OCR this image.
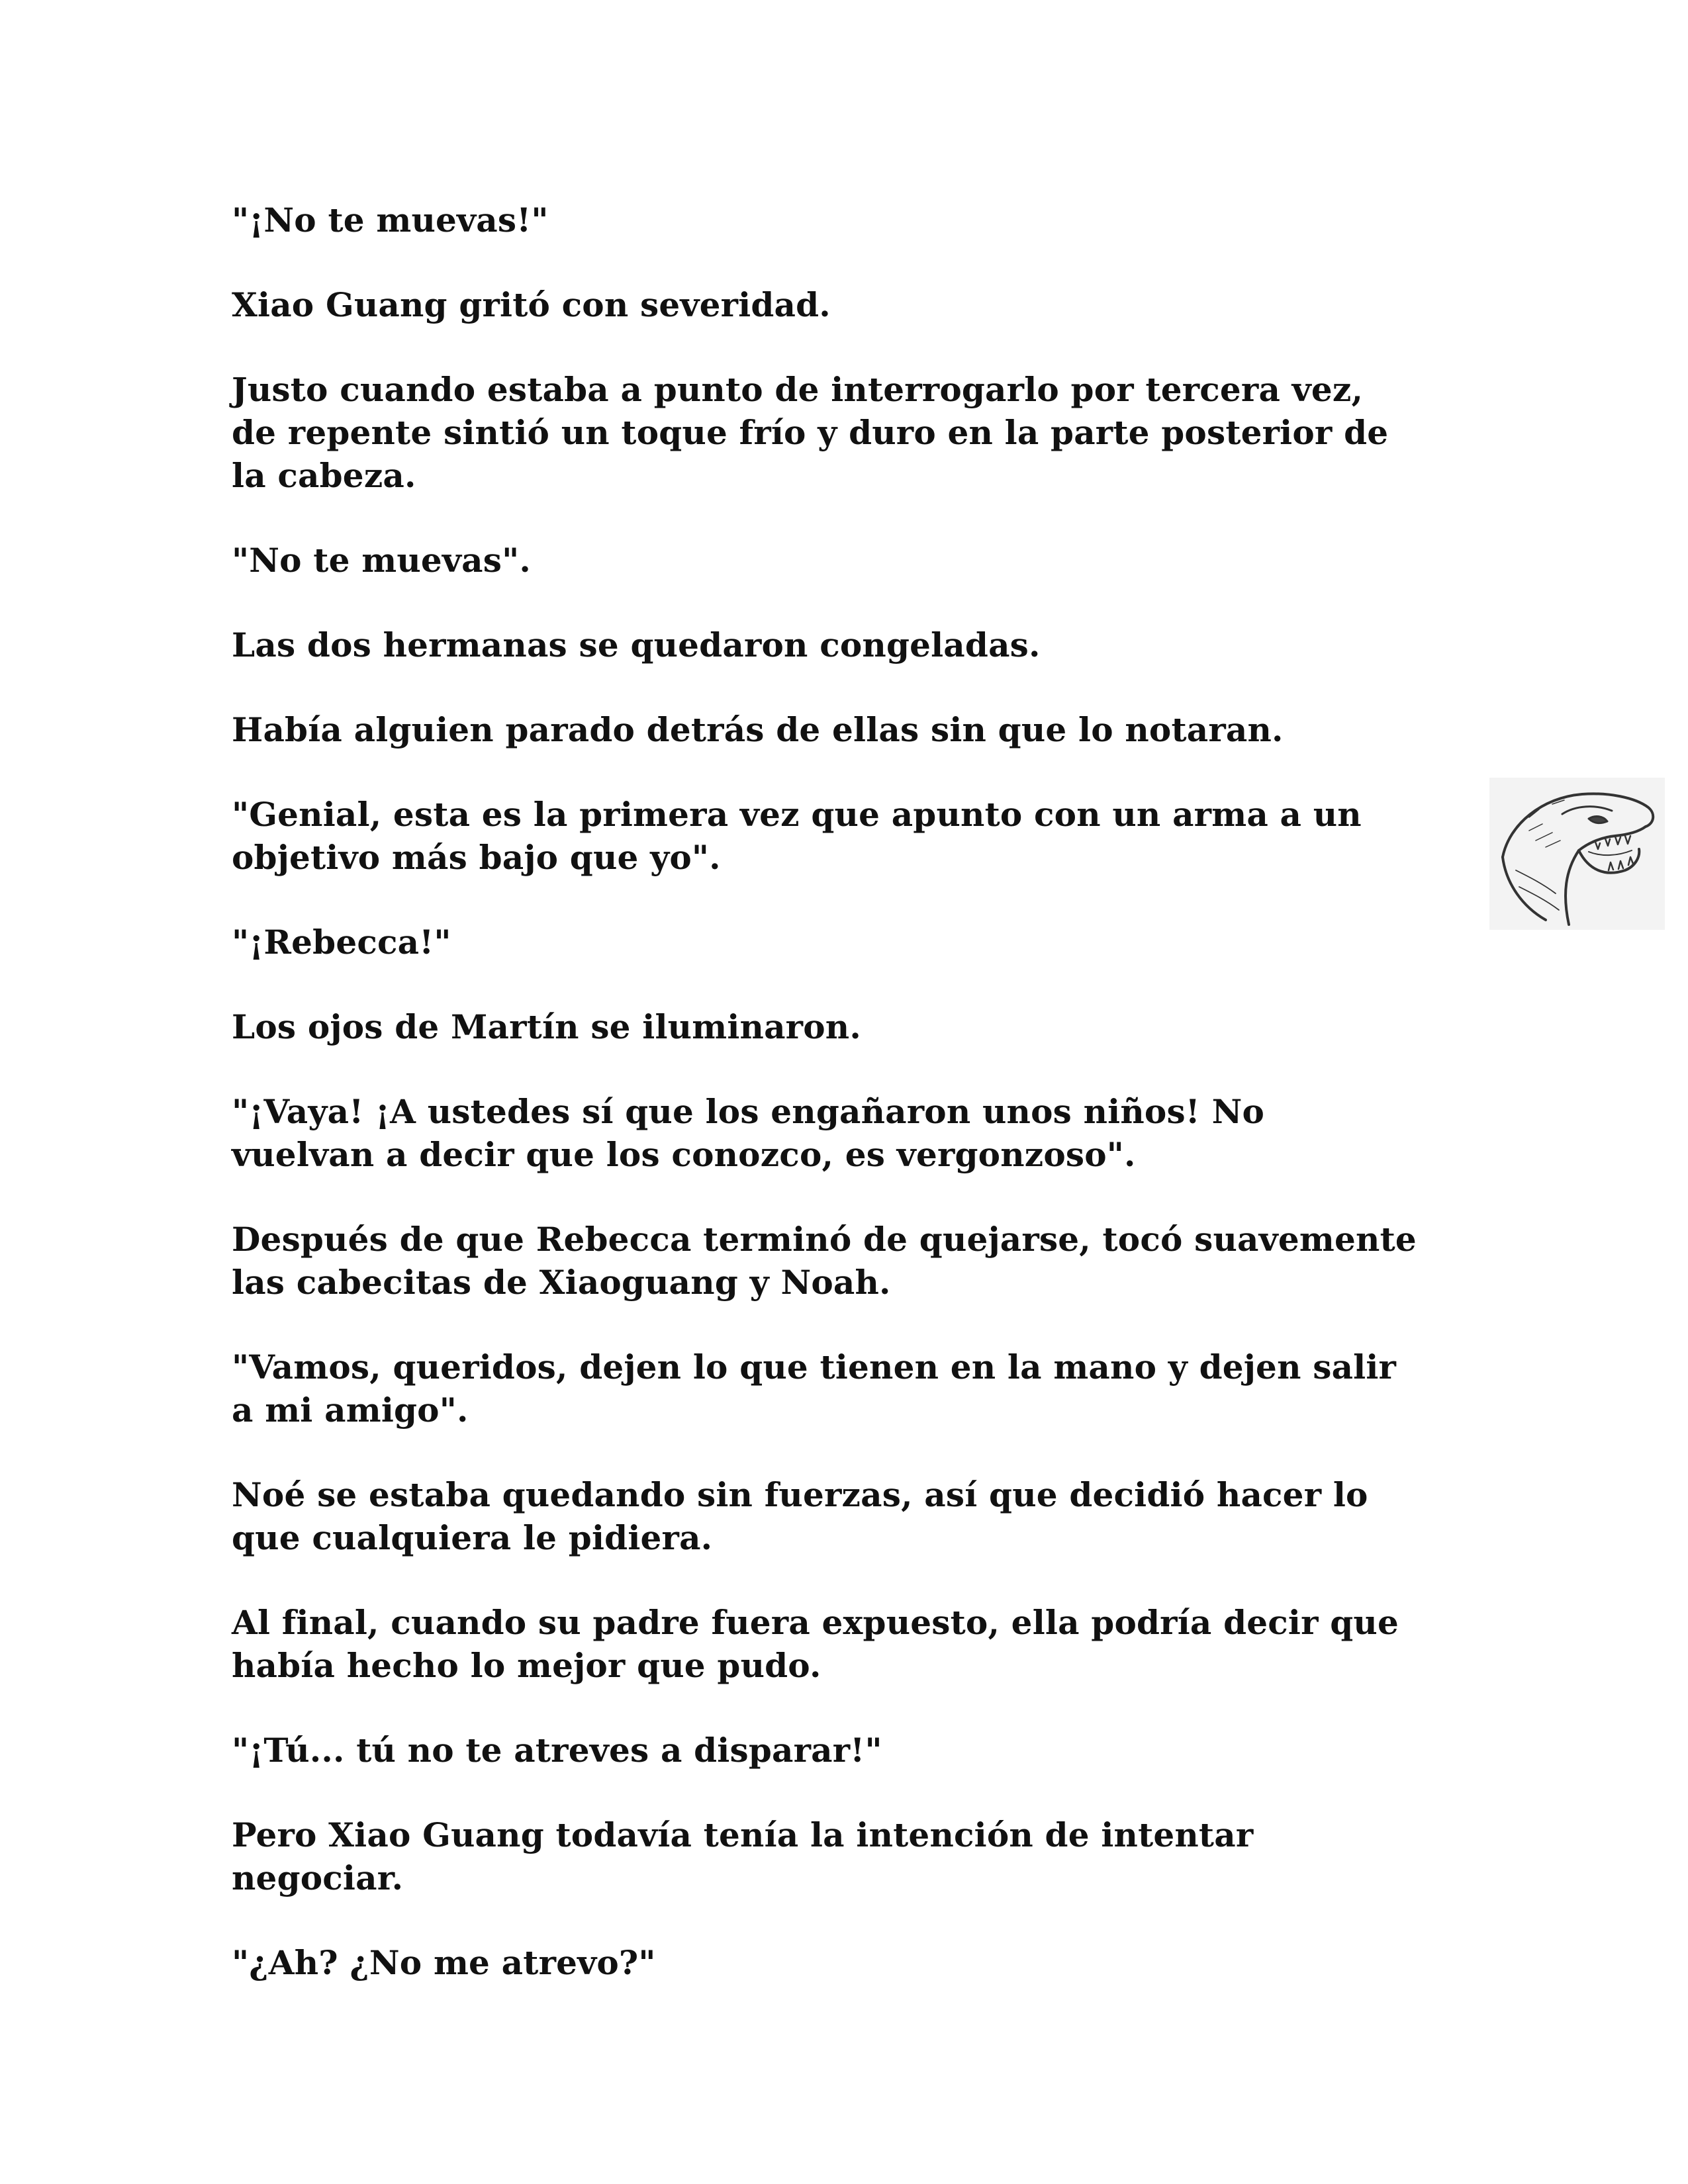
"¡No te muevas!"

Xiao Guang gritó con severidad.

Justo cuando estaba a punto de interrogarlo por tercera vez,
de repente sintió un toque frío y duro en la parte posterior de
la cabeza.

"No te muevas".

Las dos hermanas se quedaron congeladas.

Había alguien parado detrás de ellas sin que lo notaran.

"Genial, esta es la primera vez que apunto con un arma a un
objetivo más bajo que yo".

"¡Rebecca!"

Los ojos de Martín se iluminaron.

"¡Vaya! ¡A ustedes sí que los engañaron unos niños! No
vuelvan a decir que los conozco, es vergonzoso".

Después de que Rebecca terminó de quejarse, tocó suavemente
las cabecitas de Xiaoguang y Noah.

"Vamos, queridos, dejen lo que tienen en la mano y dejen salir
a mi amigo".

Noé se estaba quedando sin fuerzas, así que decidió hacer lo
que cualquiera le pidiera.

Al final, cuando su padre fuera expuesto, ella podría decir que
había hecho lo mejor que pudo.

"¡Tú... tú no te atreves a disparar!"

Pero Xiao Guang todavía tenía la intención de intentar
negociar.

"¿Ah? ¿No me atrevo?"
